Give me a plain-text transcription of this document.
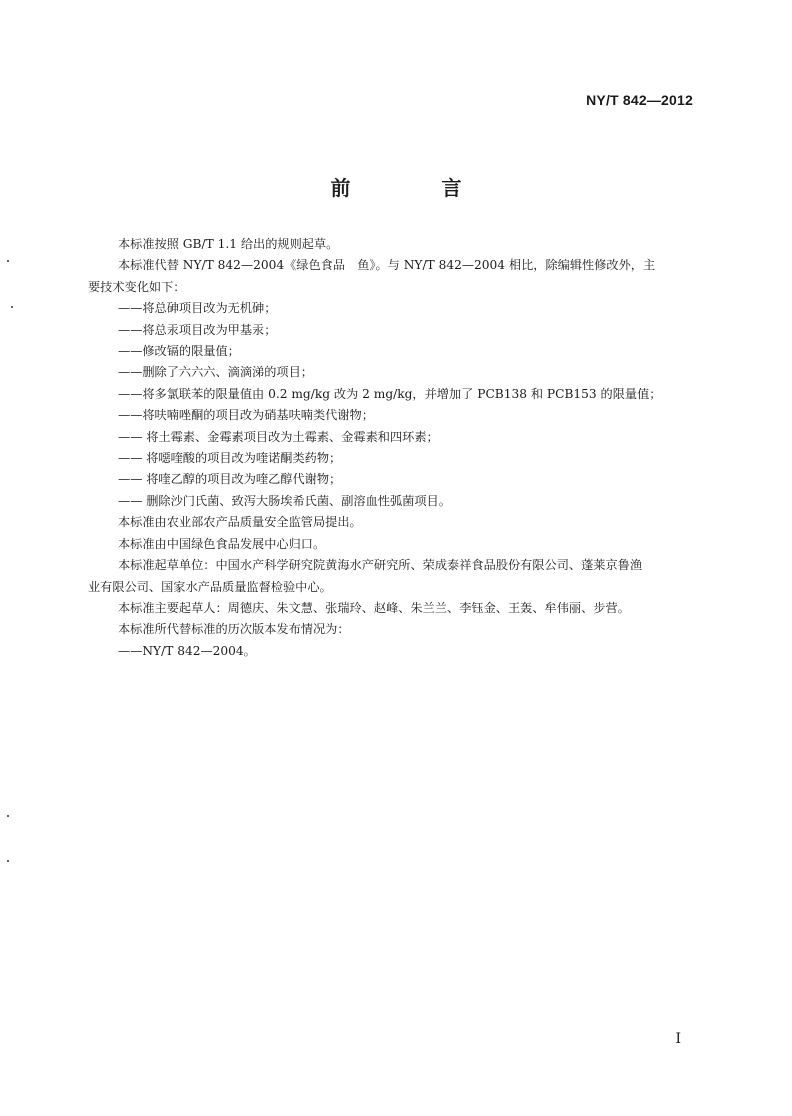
NY/T 842—2012
前 言

本标准按照 GB/T 1.1 给出的规则起草。

本标准代替 NY/T 842—2004《绿色食品　鱼》。与 NY/T 842—2004 相比，除编辑性修改外，主
要技术变化如下：

——将总砷项目改为无机砷；

——将总汞项目改为甲基汞；

——修改镉的限量值；

——删除了六六六、滴滴涕的项目；

——将多氯联苯的限量值由 0.2 mg/kg 改为 2 mg/kg，并增加了 PCB138 和 PCB153 的限量值；

——将呋喃唑酮的项目改为硝基呋喃类代谢物；

—— 将土霉素、金霉素项目改为土霉素、金霉素和四环素；

—— 将噁喹酸的项目改为喹诺酮类药物；

—— 将喹乙醇的项目改为喹乙醇代谢物；

—— 删除沙门氏菌、致泻大肠埃希氏菌、副溶血性弧菌项目。

本标准由农业部农产品质量安全监管局提出。

本标准由中国绿色食品发展中心归口。

本标准起草单位：中国水产科学研究院黄海水产研究所、荣成泰祥食品股份有限公司、蓬莱京鲁渔
业有限公司、国家水产品质量监督检验中心。

本标准主要起草人：周德庆、朱文慧、张瑞玲、赵峰、朱兰兰、李钰金、王轰、牟伟丽、步营。

本标准所代替标准的历次版本发布情况为：

——NY/T 842—2004。

I
